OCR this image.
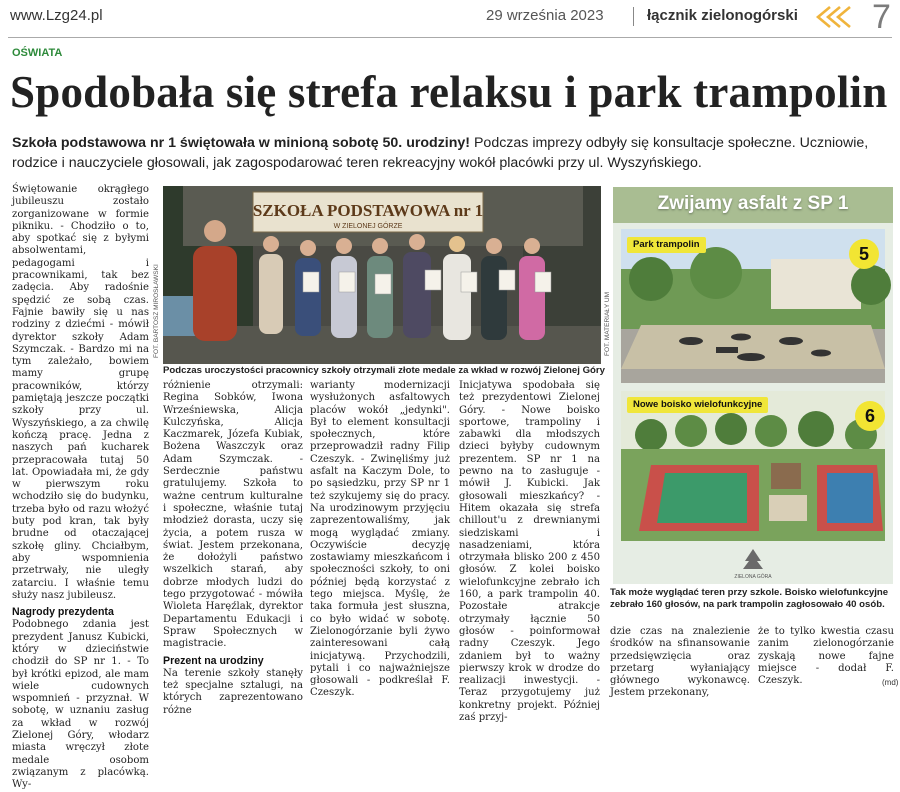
www.Lzg24.pl	29 września 2023	łącznik zielonogórski 7
OŚWIATA
Spodobała się strefa relaksu i park trampolin
Szkoła podstawowa nr 1 świętowała w minioną sobotę 50. urodziny! Podczas imprezy odbyły się konsultacje społeczne. Uczniowie, rodzice i nauczyciele głosowali, jak zagospodarować teren rekreacyjny wokół placówki przy ul. Wyszyńskiego.

Świętowanie okrągłego jubileuszu zostało zorganizowane w formie pikniku. - Chodziło o to, aby spotkać się z byłymi absolwentami, pedagogami i pracownikami, tak bez zadęcia. Aby radośnie spędzić ze sobą czas. Fajnie bawiły się u nas rodziny z dziećmi - mówił dyrektor szkoły Adam Szymczak. - Bardzo mi na tym zależało, bowiem mamy grupę pracowników, którzy pamiętają jeszcze początki szkoły przy ul. Wyszyńskiego, a za chwilę kończą pracę. Jedna z naszych pań kucharek przepracowała tutaj 50 lat. Opowiadała mi, że gdy w pierwszym roku wchodziło się do budynku, trzeba było od razu włożyć buty pod kran, tak były brudne od otaczającej szkołę gliny. Chciałbym, aby wspomnienia przetrwały, nie uległy zatarciu. I właśnie temu służy nasz jubileusz.

Nagrody prezydenta

Podobnego zdania jest prezydent Janusz Kubicki, który w dzieciństwie chodził do SP nr 1. - To był krótki epizod, ale mam wiele cudownych wspomnień - przyznał. W sobotę, w uznaniu zasług za wkład w rozwój Zielonej Góry, włodarz miasta wręczył złote medale osobom związanym z placówką. Wy-

FOT. BARTOSZ MIROSŁAWSKI
SZKOŁA PODSTAWOWA nr 1
W ZIELONEJ GÓRZE
Podczas uroczystości pracownicy szkoły otrzymali złote medale za wkład w rozwój Zielonej Góry

różnienie otrzymali: Regina Sobków, Iwona Wrześniewska, Alicja Kulczyńska, Alicja Kaczmarek, Józefa Kubiak, Bożena Waszczyk oraz Adam Szymczak. - Serdecznie państwu gratulujemy. Szkoła to ważne centrum kulturalne i społeczne, właśnie tutaj młodzież dorasta, uczy się życia, a potem rusza w świat. Jestem przekonana, że dołożyli państwo wszelkich starań, aby dobrze młodych ludzi do tego przygotować - mówiła Wioleta Haręźlak, dyrektor Departamentu Edukacji i Spraw Społecznych w magistracie.

Prezent na urodziny

Na terenie szkoły stanęły też specjalne sztalugi, na których zaprezentowano różne

warianty modernizacji wysłużonych asfaltowych placów wokół „jedynki". Był to element konsultacji społecznych, które przeprowadził radny Filip Czeszyk. - Zwinęliśmy już asfalt na Kaczym Dole, to po sąsiedzku, przy SP nr 1 też szykujemy się do pracy. Na urodzinowym przyjęciu zaprezentowaliśmy, jak mogą wyglądać zmiany. Oczywiście decyzję zostawiamy mieszkańcom i społeczności szkoły, to oni później będą korzystać z tego miejsca. Myślę, że taka formuła jest słuszna, co było widać w sobotę. Zielonogórzanie byli żywo zainteresowani całą inicjatywą. Przychodzili, pytali i co najważniejsze głosowali - podkreślał F. Czeszyk.

Inicjatywa spodobała się też prezydentowi Zielonej Góry. - Nowe boisko sportowe, trampoliny i zabawki dla młodszych dzieci byłyby cudownym prezentem. SP nr 1 na pewno na to zasługuje - mówił J. Kubicki. Jak głosowali mieszkańcy? - Hitem okazała się strefa chillout'u z drewnianymi siedziskami i nasadzeniami, która otrzymała blisko 200 z 450 głosów. Z kolei boisko wielofunkcyjne zebrało ich 160, a park trampolin 40. Pozostałe atrakcje otrzymały łącznie 50 głosów - poinformował radny Czeszyk. Jego zdaniem był to ważny pierwszy krok w drodze do realizacji inwestycji. - Teraz przygotujemy już konkretny projekt. Później zaś przyj-

dzie czas na znalezienie środków na sfinansowanie przedsięwzięcia oraz przetarg wyłaniający głównego wykonawcę. Jestem przekonany,

że to tylko kwestia czasu zanim zielonogórzanie zyskają nowe fajne miejsce - dodał F. Czeszyk.	(md)
FOT. MATERIAŁY UM
Zwijamy asfalt z SP 1
Park trampolin	5
Nowe boisko wielofunkcyjne
6
ZIELONA GÓRA
Tak może wyglądać teren przy szkole. Boisko wielofunkcyjne zebrało 160 głosów, na park trampolin zagłosowało 40 osób.
